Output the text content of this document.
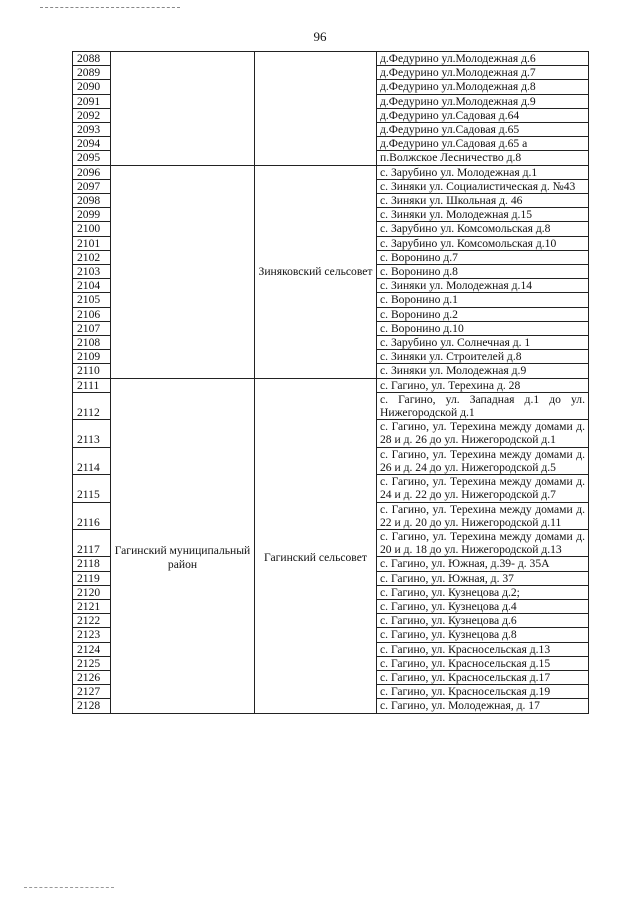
96
2088			д.Федурино ул.Молодежная д.6
2089			д.Федурино ул.Молодежная д.7
2090			д.Федурино ул.Молодежная д.8
2091			д.Федурино ул.Молодежная д.9
2092			д.Федурино ул.Садовая д.64
2093			д.Федурино ул.Садовая д.65
2094			д.Федурино ул.Садовая д.65 а
2095			п.Волжское Лесничество д.8
2096		Зиняковский сельсовет	с. Зарубино ул. Молодежная д.1
2097			с. Зиняки ул. Социалистическая д. №43
2098			с. Зиняки ул. Школьная д. 46
2099			с. Зиняки ул. Молодежная д.15
2100			с. Зарубино ул. Комсомольская д.8
2101			с. Зарубино ул. Комсомольская д.10
2102			с. Воронино д.7
2103			с. Воронино д.8
2104			с. Зиняки ул. Молодежная д.14
2105			с. Воронино д.1
2106			с. Воронино д.2
2107			с. Воронино д.10
2108			с. Зарубино ул. Солнечная д. 1
2109			с. Зиняки ул. Строителей д.8
2110			с. Зиняки ул. Молодежная д.9
2111	Гагинский муниципальный район	Гагинский сельсовет	с. Гагино, ул. Терехина д. 28
2112			с. Гагино, ул. Западная д.1 до ул. Нижегородской д.1
2113			с. Гагино, ул. Терехина между домами д. 28 и д. 26 до ул. Нижегородской д.1
2114			с. Гагино, ул. Терехина между домами д. 26 и д. 24 до ул. Нижегородской д.5
2115			с. Гагино, ул. Терехина между домами д. 24 и д. 22 до ул. Нижегородской д.7
2116			с. Гагино, ул. Терехина между домами д. 22 и д. 20 до ул. Нижегородской д.11
2117			с. Гагино, ул. Терехина между домами д. 20 и д. 18 до ул. Нижегородской д.13
2118			с. Гагино, ул. Южная, д.39- д. 35А
2119			с. Гагино, ул. Южная, д. 37
2120			с. Гагино, ул. Кузнецова д.2;
2121			с. Гагино, ул. Кузнецова д.4
2122			с. Гагино, ул. Кузнецова д.6
2123			с. Гагино, ул. Кузнецова д.8
2124			с. Гагино, ул. Красносельская д.13
2125			с. Гагино, ул. Красносельская д.15
2126			с. Гагино, ул. Красносельская д.17
2127			с. Гагино, ул. Красносельская д.19
2128			с. Гагино, ул. Молодежная, д. 17
